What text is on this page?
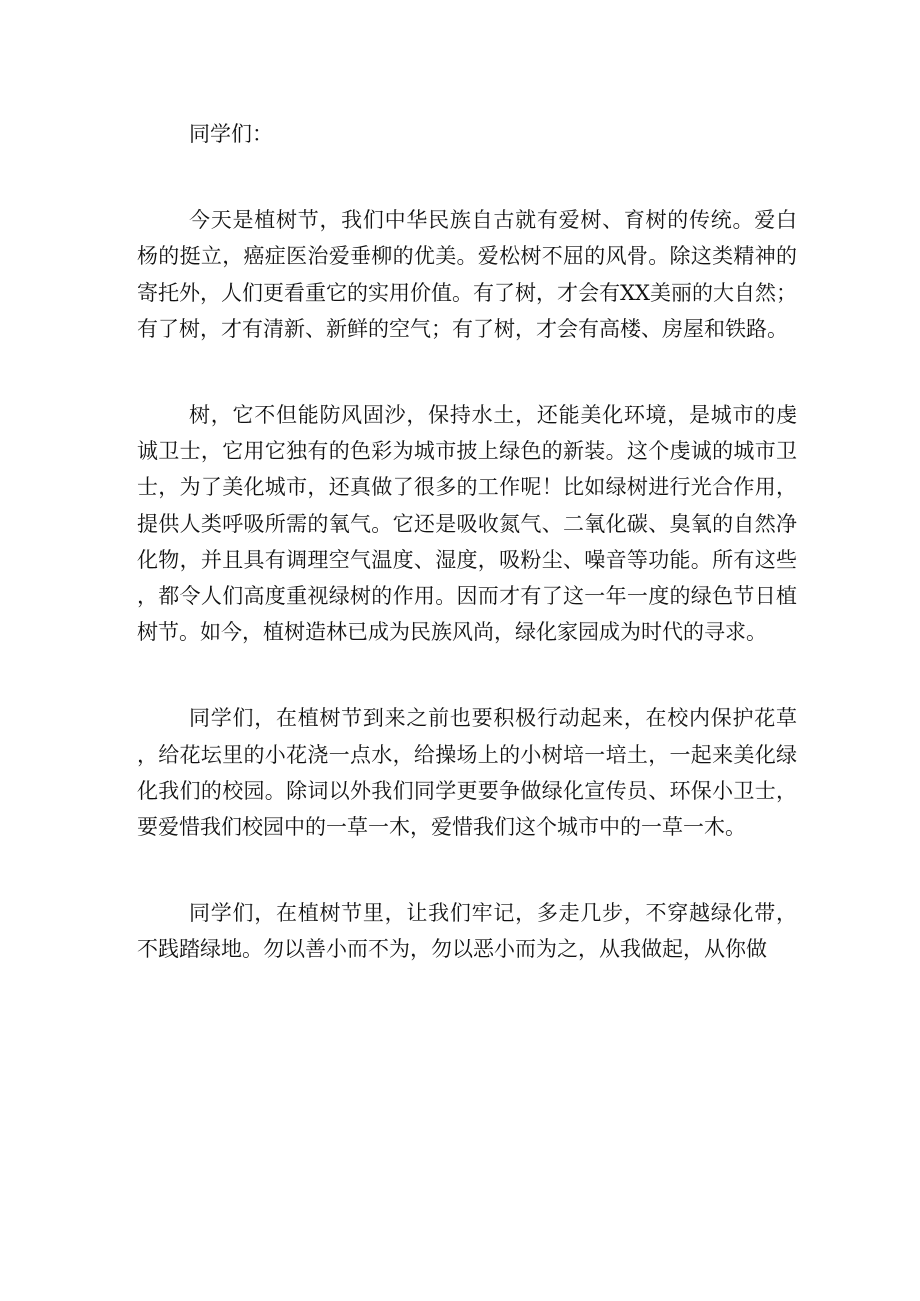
同学们：

今天是植树节，我们中华民族自古就有爱树、育树的传统。爱白杨的挺立，癌症医治爱垂柳的优美。爱松树不屈的风骨。除这类精神的寄托外，人们更看重它的实用价值。有了树，才会有XX美丽的大自然；有了树，才有清新、新鲜的空气；有了树，才会有高楼、房屋和铁路。

树，它不但能防风固沙，保持水土，还能美化环境，是城市的虔诚卫士，它用它独有的色彩为城市披上绿色的新装。这个虔诚的城市卫士，为了美化城市，还真做了很多的工作呢！比如绿树进行光合作用，提供人类呼吸所需的氧气。它还是吸收氮气、二氧化碳、臭氧的自然净化物，并且具有调理空气温度、湿度，吸粉尘、噪音等功能。所有这些，都令人们高度重视绿树的作用。因而才有了这一年一度的绿色节日植树节。如今，植树造林已成为民族风尚，绿化家园成为时代的寻求。

同学们，在植树节到来之前也要积极行动起来，在校内保护花草，给花坛里的小花浇一点水，给操场上的小树培一培土，一起来美化绿化我们的校园。除词以外我们同学更要争做绿化宣传员、环保小卫士，要爱惜我们校园中的一草一木，爱惜我们这个城市中的一草一木。

同学们，在植树节里，让我们牢记，多走几步，不穿越绿化带，不践踏绿地。勿以善小而不为，勿以恶小而为之，从我做起，从你做
